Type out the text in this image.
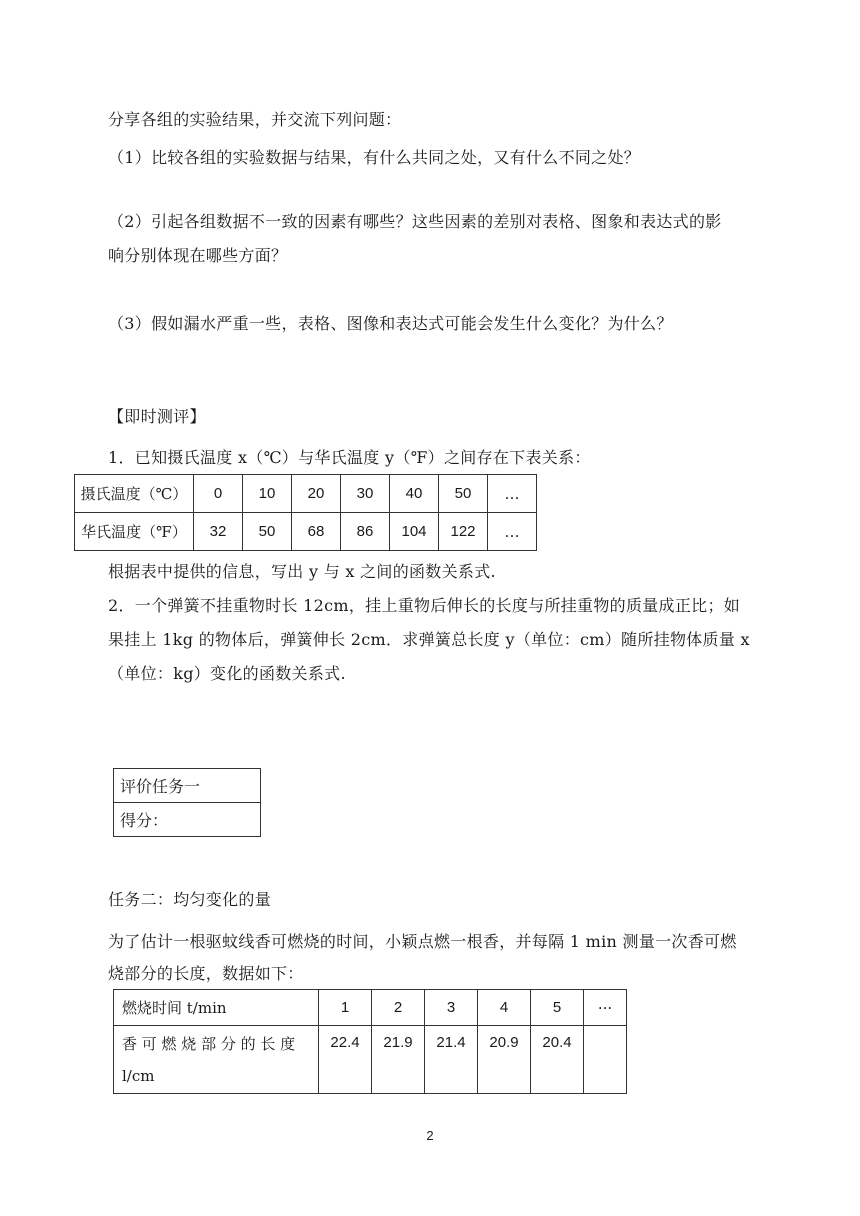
分享各组的实验结果，并交流下列问题：
（1）比较各组的实验数据与结果，有什么共同之处，又有什么不同之处？
（2）引起各组数据不一致的因素有哪些？这些因素的差别对表格、图象和表达式的影
响分别体现在哪些方面？
（3）假如漏水严重一些，表格、图像和表达式可能会发生什么变化？为什么？
【即时测评】
1．已知摄氏温度 x（℃）与华氏温度 y（℉）之间存在下表关系：
摄氏温度（℃）	0	10	20	30	40	50	…
华氏温度（℉）	32	50	68	86	104	122	…
根据表中提供的信息，写出 y 与 x 之间的函数关系式.
2．一个弹簧不挂重物时长 12cm，挂上重物后伸长的长度与所挂重物的质量成正比；如
果挂上 1kg 的物体后，弹簧伸长 2cm．求弹簧总长度 y（单位：cm）随所挂物体质量 x
（单位：kg）变化的函数关系式.
评价任务一
得分：
任务二：均匀变化的量
为了估计一根驱蚊线香可燃烧的时间，小颖点燃一根香，并每隔 1 min 测量一次香可燃
烧部分的长度，数据如下：
燃烧时间 t/min	1	2	3	4	5	···

香 可 燃 烧 部 分 的 长 度
l/cm	22.4	21.9	21.4	20.9	20.4	
2
